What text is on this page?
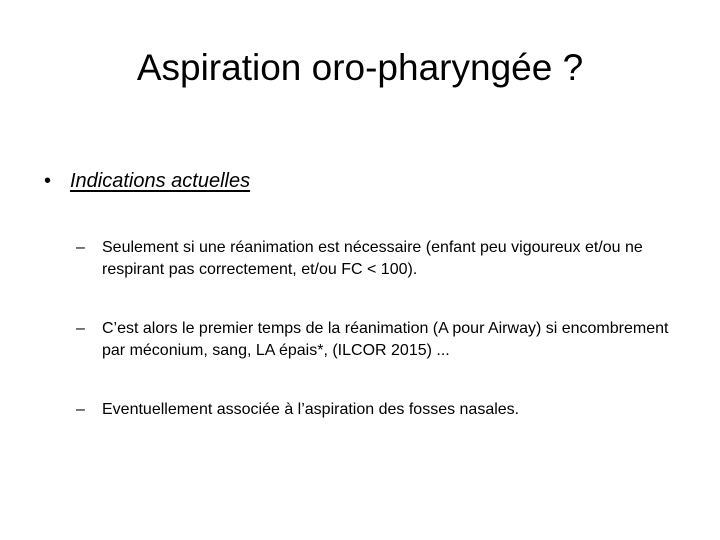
Aspiration oro-pharyngée ?
• Indications actuelles
–	Seulement si une réanimation est nécessaire (enfant peu vigoureux et/ou ne respirant pas correctement, et/ou FC < 100).
–	C’est alors le premier temps de la réanimation (A pour Airway) si encombrement par méconium, sang, LA épais*, (ILCOR 2015) ...
–	Eventuellement associée à l’aspiration des fosses nasales.
